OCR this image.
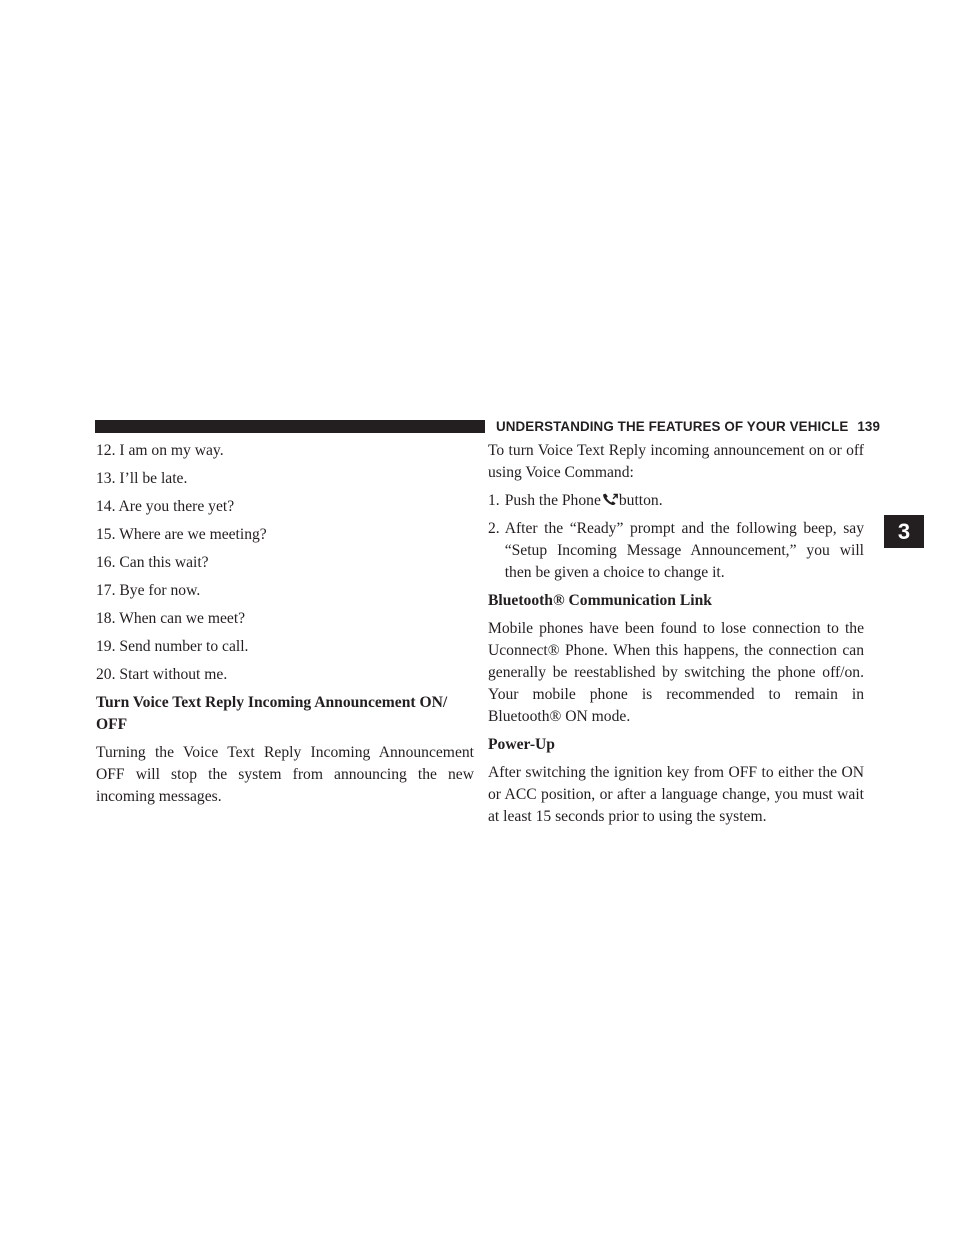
UNDERSTANDING THE FEATURES OF YOUR VEHICLE 139
3
12. I am on my way.
13. I’ll be late.
14. Are you there yet?
15. Where are we meeting?
16. Can this wait?
17. Bye for now.
18. When can we meet?
19. Send number to call.
20. Start without me.
Turn Voice Text Reply Incoming Announcement ON/ OFF
Turning the Voice Text Reply Incoming Announcement OFF will stop the system from announcing the new incoming messages.
To turn Voice Text Reply incoming announcement on or off using Voice Command:
1. Push the Phone button.
2. After the “Ready” prompt and the following beep, say “Setup Incoming Message Announcement,” you will then be given a choice to change it.
Bluetooth® Communication Link
Mobile phones have been found to lose connection to the Uconnect® Phone. When this happens, the connection can generally be reestablished by switching the phone off/on. Your mobile phone is recommended to remain in Bluetooth® ON mode.
Power-Up
After switching the ignition key from OFF to either the ON or ACC position, or after a language change, you must wait at least 15 seconds prior to using the system.
